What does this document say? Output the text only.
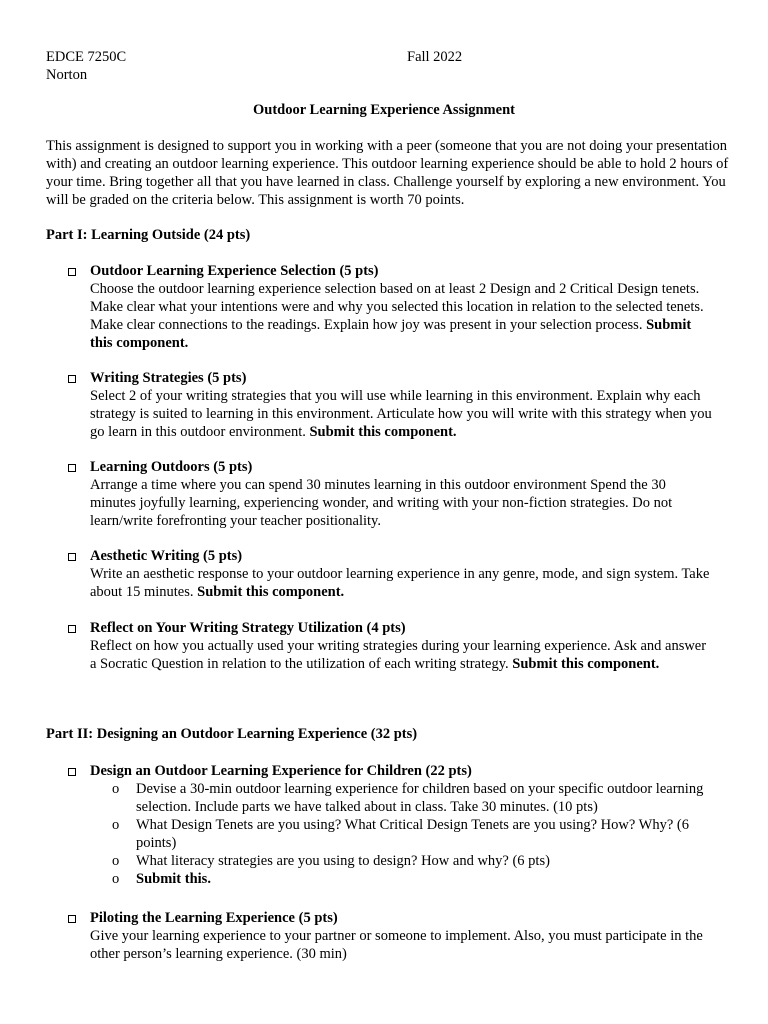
EDCE 7250C	Fall 2022
Norton
Outdoor Learning Experience Assignment
This assignment is designed to support you in working with a peer (someone that you are not doing your presentation with) and creating an outdoor learning experience. This outdoor learning experience should be able to hold 2 hours of your time. Bring together all that you have learned in class. Challenge yourself by exploring a new environment. You will be graded on the criteria below. This assignment is worth 70 points.
Part I: Learning Outside (24 pts)
Outdoor Learning Experience Selection (5 pts)
Choose the outdoor learning experience selection based on at least 2 Design and 2 Critical Design tenets. Make clear what your intentions were and why you selected this location in relation to the selected tenets. Make clear connections to the readings. Explain how joy was present in your selection process. Submit this component.
Writing Strategies (5 pts)
Select 2 of your writing strategies that you will use while learning in this environment. Explain why each strategy is suited to learning in this environment. Articulate how you will write with this strategy when you go learn in this outdoor environment. Submit this component.
Learning Outdoors (5 pts)
Arrange a time where you can spend 30 minutes learning in this outdoor environment Spend the 30 minutes joyfully learning, experiencing wonder, and writing with your non-fiction strategies. Do not learn/write forefronting your teacher positionality.
Aesthetic Writing (5 pts)
Write an aesthetic response to your outdoor learning experience in any genre, mode, and sign system. Take about 15 minutes. Submit this component.
Reflect on Your Writing Strategy Utilization (4 pts)
Reflect on how you actually used your writing strategies during your learning experience. Ask and answer a Socratic Question in relation to the utilization of each writing strategy. Submit this component.
Part II: Designing an Outdoor Learning Experience (32 pts)
Design an Outdoor Learning Experience for Children (22 pts)
o Devise a 30-min outdoor learning experience for children based on your specific outdoor learning selection. Include parts we have talked about in class. Take 30 minutes. (10 pts)
o What Design Tenets are you using? What Critical Design Tenets are you using? How? Why? (6 points)
o What literacy strategies are you using to design? How and why? (6 pts)
o Submit this.
Piloting the Learning Experience (5 pts)
Give your learning experience to your partner or someone to implement. Also, you must participate in the other person’s learning experience. (30 min)
